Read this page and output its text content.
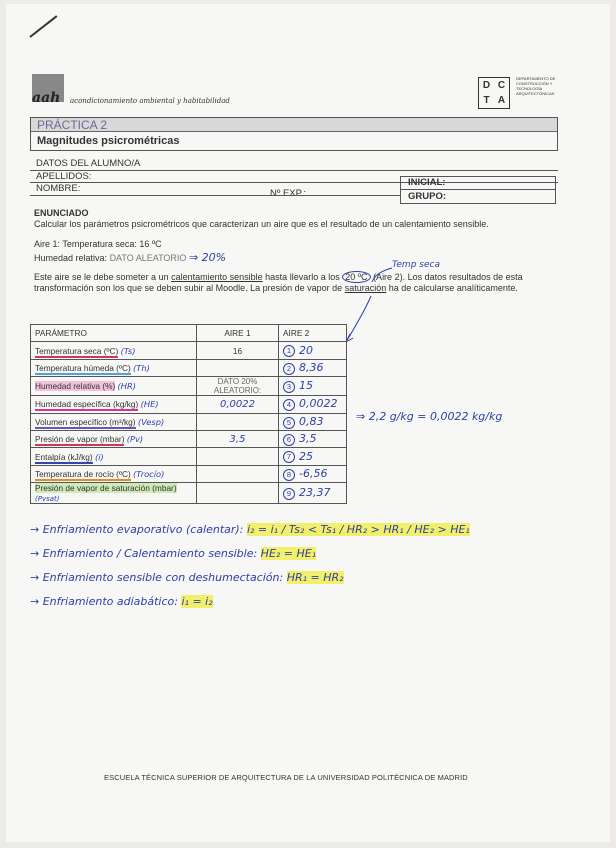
aah acondicionamiento ambiental y habitabilidad
D C
T A
DEPARTAMENTO DE CONSTRUCCIÓN Y TECNOLOGÍA ARQUITECTÓNICAS
PRÁCTICA 2
Magnitudes psicrométricas
DATOS DEL ALUMNO/A
APELLIDOS:
NOMBRE:	Nº EXP.:
INICIAL:
GRUPO:
ENUNCIADO
Calcular los parámetros psicrométricos que caracterizan un aire que es el resultado de un calentamiento sensible.
Aire 1: Temperatura seca: 16 ºC
Humedad relativa: DATO ALEATORIO ⇒ 20%
Este aire se le debe someter a un calentamiento sensible hasta llevarlo a los 20 ºC (Aire 2). Los datos resultados de esta transformación son los que se deben subir al Moodle. La presión de vapor de saturación ha de calcularse analíticamente.
Temp seca
PARÁMETRO	AIRE 1	AIRE 2
Temperatura seca (ºC) (Ts)	16	1 20
Temperatura húmeda (ºC) (Th)		2 8,36
Humedad relativa (%) (HR)	DATO 20% ALEATORIO:	3 15
Humedad específica (kg/kg) (HE)	0,0022	4 0,0022
Volumen específico (m³/kg) (Vesp)		5 0,83
Presión de vapor (mbar) (Pv)	3,5	6 3,5
Entalpía (kJ/kg) (i)		7 25
Temperatura de rocío (ºC) (Trocío)		8 -6,56
Presión de vapor de saturación (mbar) (Pvsat)		9 23,37
⇒ 2,2 g/kg = 0,0022 kg/kg
→ Enfriamiento evaporativo (calentar): i₂ = i₁ / Ts₂ < Ts₁ / HR₂ > HR₁ / HE₂ > HE₁
→ Enfriamiento / Calentamiento sensible: HE₂ = HE₁
→ Enfriamiento sensible con deshumectación: HR₁ = HR₂
→ Enfriamiento adiabático: i₁ = i₂
ESCUELA TÉCNICA SUPERIOR DE ARQUITECTURA DE LA UNIVERSIDAD POLITÉCNICA DE MADRID
